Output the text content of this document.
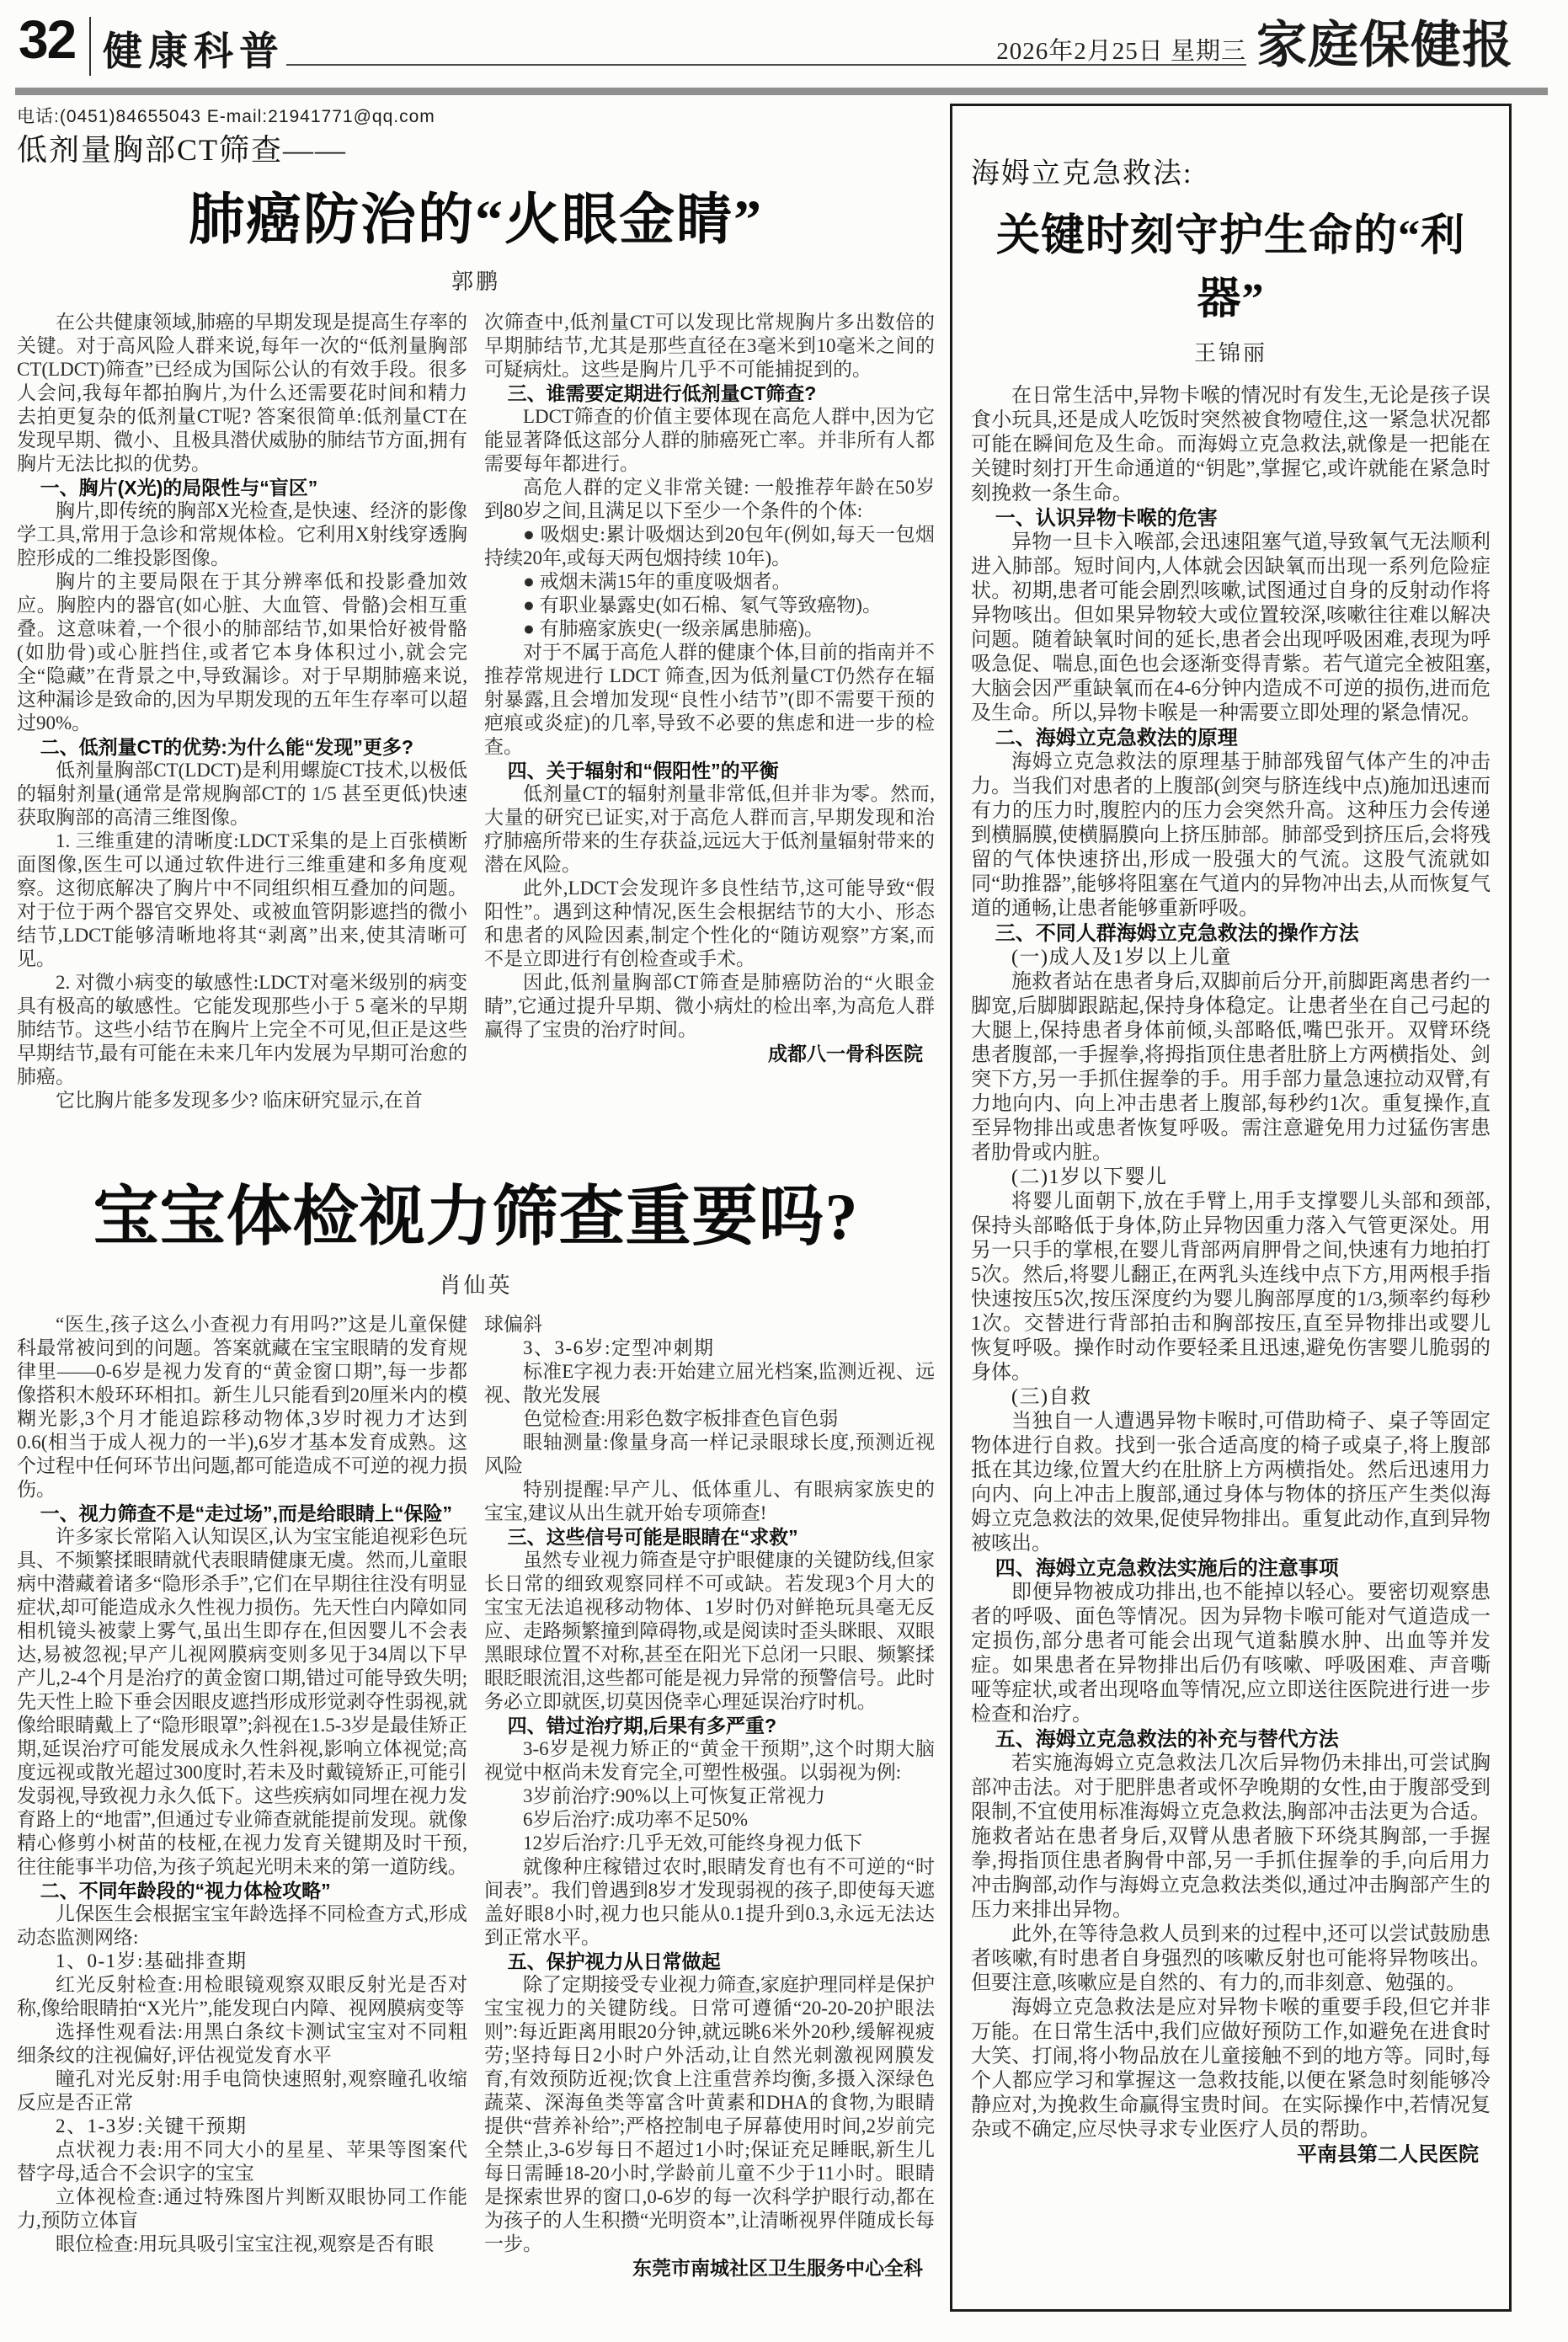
32 健康科普	2026年2月25日 星期三 家庭保健报
电话:(0451)84655043 E-mail:21941771@qq.com
低剂量胸部CT筛查——
肺癌防治的“火眼金睛”
郭鹏
在公共健康领域,肺癌的早期发现是提高生存率的关键。对于高风险人群来说,每年一次的“低剂量胸部CT(LDCT)筛查”已经成为国际公认的有效手段。很多人会问,我每年都拍胸片,为什么还需要花时间和精力去拍更复杂的低剂量CT呢? 答案很简单:低剂量CT在发现早期、微小、且极具潜伏威胁的肺结节方面,拥有胸片无法比拟的优势。
一、胸片(X光)的局限性与“盲区”
胸片,即传统的胸部X光检查,是快速、经济的影像学工具,常用于急诊和常规体检。它利用X射线穿透胸腔形成的二维投影图像。
胸片的主要局限在于其分辨率低和投影叠加效应。胸腔内的器官(如心脏、大血管、骨骼)会相互重叠。这意味着,一个很小的肺部结节,如果恰好被骨骼(如肋骨)或心脏挡住,或者它本身体积过小,就会完全“隐藏”在背景之中,导致漏诊。对于早期肺癌来说,这种漏诊是致命的,因为早期发现的五年生存率可以超过90%。
二、低剂量CT的优势:为什么能“发现”更多?
低剂量胸部CT(LDCT)是利用螺旋CT技术,以极低的辐射剂量(通常是常规胸部CT的 1/5 甚至更低)快速获取胸部的高清三维图像。
1. 三维重建的清晰度:LDCT采集的是上百张横断面图像,医生可以通过软件进行三维重建和多角度观察。这彻底解决了胸片中不同组织相互叠加的问题。对于位于两个器官交界处、或被血管阴影遮挡的微小结节,LDCT能够清晰地将其“剥离”出来,使其清晰可见。
2. 对微小病变的敏感性:LDCT对毫米级别的病变具有极高的敏感性。它能发现那些小于 5 毫米的早期肺结节。这些小结节在胸片上完全不可见,但正是这些早期结节,最有可能在未来几年内发展为早期可治愈的肺癌。
它比胸片能多发现多少? 临床研究显示,在首
次筛查中,低剂量CT可以发现比常规胸片多出数倍的早期肺结节,尤其是那些直径在3毫米到10毫米之间的可疑病灶。这些是胸片几乎不可能捕捉到的。
三、谁需要定期进行低剂量CT筛查?
LDCT筛查的价值主要体现在高危人群中,因为它能显著降低这部分人群的肺癌死亡率。并非所有人都需要每年都进行。
高危人群的定义非常关键: 一般推荐年龄在50岁到80岁之间,且满足以下至少一个条件的个体:
● 吸烟史:累计吸烟达到20包年(例如,每天一包烟持续20年,或每天两包烟持续 10年)。
● 戒烟未满15年的重度吸烟者。
● 有职业暴露史(如石棉、氡气等致癌物)。
● 有肺癌家族史(一级亲属患肺癌)。
对于不属于高危人群的健康个体,目前的指南并不推荐常规进行 LDCT 筛查,因为低剂量CT仍然存在辐射暴露,且会增加发现“良性小结节”(即不需要干预的疤痕或炎症)的几率,导致不必要的焦虑和进一步的检查。
四、关于辐射和“假阳性”的平衡
低剂量CT的辐射剂量非常低,但并非为零。然而,大量的研究已证实,对于高危人群而言,早期发现和治疗肺癌所带来的生存获益,远远大于低剂量辐射带来的潜在风险。
此外,LDCT会发现许多良性结节,这可能导致“假阳性”。遇到这种情况,医生会根据结节的大小、形态和患者的风险因素,制定个性化的“随访观察”方案,而不是立即进行有创检查或手术。
因此,低剂量胸部CT筛查是肺癌防治的“火眼金睛”,它通过提升早期、微小病灶的检出率,为高危人群赢得了宝贵的治疗时间。
成都八一骨科医院
宝宝体检视力筛查重要吗?
肖仙英
“医生,孩子这么小查视力有用吗?”这是儿童保健科最常被问到的问题。答案就藏在宝宝眼睛的发育规律里——0-6岁是视力发育的“黄金窗口期”,每一步都像搭积木般环环相扣。新生儿只能看到20厘米内的模糊光影,3个月才能追踪移动物体,3岁时视力才达到0.6(相当于成人视力的一半),6岁才基本发育成熟。这个过程中任何环节出问题,都可能造成不可逆的视力损伤。
一、视力筛查不是“走过场”,而是给眼睛上“保险”
许多家长常陷入认知误区,认为宝宝能追视彩色玩具、不频繁揉眼睛就代表眼睛健康无虞。然而,儿童眼病中潜藏着诸多“隐形杀手”,它们在早期往往没有明显症状,却可能造成永久性视力损伤。先天性白内障如同相机镜头被蒙上雾气,虽出生即存在,但因婴儿不会表达,易被忽视;早产儿视网膜病变则多见于34周以下早产儿,2-4个月是治疗的黄金窗口期,错过可能导致失明;先天性上睑下垂会因眼皮遮挡形成形觉剥夺性弱视,就像给眼睛戴上了“隐形眼罩”;斜视在1.5-3岁是最佳矫正期,延误治疗可能发展成永久性斜视,影响立体视觉;高度远视或散光超过300度时,若未及时戴镜矫正,可能引发弱视,导致视力永久低下。这些疾病如同埋在视力发育路上的“地雷”,但通过专业筛查就能提前发现。就像精心修剪小树苗的枝桠,在视力发育关键期及时干预,往往能事半功倍,为孩子筑起光明未来的第一道防线。
二、不同年龄段的“视力体检攻略”
儿保医生会根据宝宝年龄选择不同检查方式,形成动态监测网络:
1、0-1岁:基础排查期
红光反射检查:用检眼镜观察双眼反射光是否对称,像给眼睛拍“X光片”,能发现白内障、视网膜病变等
选择性观看法:用黑白条纹卡测试宝宝对不同粗细条纹的注视偏好,评估视觉发育水平
瞳孔对光反射:用手电筒快速照射,观察瞳孔收缩反应是否正常
2、1-3岁:关键干预期
点状视力表:用不同大小的星星、苹果等图案代替字母,适合不会识字的宝宝
立体视检查:通过特殊图片判断双眼协同工作能力,预防立体盲
眼位检查:用玩具吸引宝宝注视,观察是否有眼
球偏斜
3、3-6岁:定型冲刺期
标准E字视力表:开始建立屈光档案,监测近视、远视、散光发展
色觉检查:用彩色数字板排查色盲色弱
眼轴测量:像量身高一样记录眼球长度,预测近视风险
特别提醒:早产儿、低体重儿、有眼病家族史的宝宝,建议从出生就开始专项筛查!
三、这些信号可能是眼睛在“求救”
虽然专业视力筛查是守护眼健康的关键防线,但家长日常的细致观察同样不可或缺。若发现3个月大的宝宝无法追视移动物体、1岁时仍对鲜艳玩具毫无反应、走路频繁撞到障碍物,或是阅读时歪头眯眼、双眼黑眼球位置不对称,甚至在阳光下总闭一只眼、频繁揉眼眨眼流泪,这些都可能是视力异常的预警信号。此时务必立即就医,切莫因侥幸心理延误治疗时机。
四、错过治疗期,后果有多严重?
3-6岁是视力矫正的“黄金干预期”,这个时期大脑视觉中枢尚未发育完全,可塑性极强。以弱视为例:
3岁前治疗:90%以上可恢复正常视力
6岁后治疗:成功率不足50%
12岁后治疗:几乎无效,可能终身视力低下
就像种庄稼错过农时,眼睛发育也有不可逆的“时间表”。我们曾遇到8岁才发现弱视的孩子,即使每天遮盖好眼8小时,视力也只能从0.1提升到0.3,永远无法达到正常水平。
五、保护视力从日常做起
除了定期接受专业视力筛查,家庭护理同样是保护宝宝视力的关键防线。日常可遵循“20-20-20护眼法则”:每近距离用眼20分钟,就远眺6米外20秒,缓解视疲劳;坚持每日2小时户外活动,让自然光刺激视网膜发育,有效预防近视;饮食上注重营养均衡,多摄入深绿色蔬菜、深海鱼类等富含叶黄素和DHA的食物,为眼睛提供“营养补给”;严格控制电子屏幕使用时间,2岁前完全禁止,3-6岁每日不超过1小时;保证充足睡眠,新生儿每日需睡18-20小时,学龄前儿童不少于11小时。眼睛是探索世界的窗口,0-6岁的每一次科学护眼行动,都在为孩子的人生积攒“光明资本”,让清晰视界伴随成长每一步。
东莞市南城社区卫生服务中心全科
海姆立克急救法:
关键时刻守护生命的“利器”
王锦丽
在日常生活中,异物卡喉的情况时有发生,无论是孩子误食小玩具,还是成人吃饭时突然被食物噎住,这一紧急状况都可能在瞬间危及生命。而海姆立克急救法,就像是一把能在关键时刻打开生命通道的“钥匙”,掌握它,或许就能在紧急时刻挽救一条生命。
一、认识异物卡喉的危害
异物一旦卡入喉部,会迅速阻塞气道,导致氧气无法顺利进入肺部。短时间内,人体就会因缺氧而出现一系列危险症状。初期,患者可能会剧烈咳嗽,试图通过自身的反射动作将异物咳出。但如果异物较大或位置较深,咳嗽往往难以解决问题。随着缺氧时间的延长,患者会出现呼吸困难,表现为呼吸急促、喘息,面色也会逐渐变得青紫。若气道完全被阻塞,大脑会因严重缺氧而在4-6分钟内造成不可逆的损伤,进而危及生命。所以,异物卡喉是一种需要立即处理的紧急情况。
二、海姆立克急救法的原理
海姆立克急救法的原理基于肺部残留气体产生的冲击力。当我们对患者的上腹部(剑突与脐连线中点)施加迅速而有力的压力时,腹腔内的压力会突然升高。这种压力会传递到横膈膜,使横膈膜向上挤压肺部。肺部受到挤压后,会将残留的气体快速挤出,形成一股强大的气流。这股气流就如同“助推器”,能够将阻塞在气道内的异物冲出去,从而恢复气道的通畅,让患者能够重新呼吸。
三、不同人群海姆立克急救法的操作方法
(一)成人及1岁以上儿童
施救者站在患者身后,双脚前后分开,前脚距离患者约一脚宽,后脚脚跟踮起,保持身体稳定。让患者坐在自己弓起的大腿上,保持患者身体前倾,头部略低,嘴巴张开。双臂环绕患者腹部,一手握拳,将拇指顶住患者肚脐上方两横指处、剑突下方,另一手抓住握拳的手。用手部力量急速拉动双臂,有力地向内、向上冲击患者上腹部,每秒约1次。重复操作,直至异物排出或患者恢复呼吸。需注意避免用力过猛伤害患者肋骨或内脏。
(二)1岁以下婴儿
将婴儿面朝下,放在手臂上,用手支撑婴儿头部和颈部,保持头部略低于身体,防止异物因重力落入气管更深处。用另一只手的掌根,在婴儿背部两肩胛骨之间,快速有力地拍打5次。然后,将婴儿翻正,在两乳头连线中点下方,用两根手指快速按压5次,按压深度约为婴儿胸部厚度的1/3,频率约每秒1次。交替进行背部拍击和胸部按压,直至异物排出或婴儿恢复呼吸。操作时动作要轻柔且迅速,避免伤害婴儿脆弱的身体。
(三)自救
当独自一人遭遇异物卡喉时,可借助椅子、桌子等固定物体进行自救。找到一张合适高度的椅子或桌子,将上腹部抵在其边缘,位置大约在肚脐上方两横指处。然后迅速用力向内、向上冲击上腹部,通过身体与物体的挤压产生类似海姆立克急救法的效果,促使异物排出。重复此动作,直到异物被咳出。
四、海姆立克急救法实施后的注意事项
即便异物被成功排出,也不能掉以轻心。要密切观察患者的呼吸、面色等情况。因为异物卡喉可能对气道造成一定损伤,部分患者可能会出现气道黏膜水肿、出血等并发症。如果患者在异物排出后仍有咳嗽、呼吸困难、声音嘶哑等症状,或者出现咯血等情况,应立即送往医院进行进一步检查和治疗。
五、海姆立克急救法的补充与替代方法
若实施海姆立克急救法几次后异物仍未排出,可尝试胸部冲击法。对于肥胖患者或怀孕晚期的女性,由于腹部受到限制,不宜使用标准海姆立克急救法,胸部冲击法更为合适。施救者站在患者身后,双臂从患者腋下环绕其胸部,一手握拳,拇指顶住患者胸骨中部,另一手抓住握拳的手,向后用力冲击胸部,动作与海姆立克急救法类似,通过冲击胸部产生的压力来排出异物。
此外,在等待急救人员到来的过程中,还可以尝试鼓励患者咳嗽,有时患者自身强烈的咳嗽反射也可能将异物咳出。但要注意,咳嗽应是自然的、有力的,而非刻意、勉强的。
海姆立克急救法是应对异物卡喉的重要手段,但它并非万能。在日常生活中,我们应做好预防工作,如避免在进食时大笑、打闹,将小物品放在儿童接触不到的地方等。同时,每个人都应学习和掌握这一急救技能,以便在紧急时刻能够冷静应对,为挽救生命赢得宝贵时间。在实际操作中,若情况复杂或不确定,应尽快寻求专业医疗人员的帮助。
平南县第二人民医院
